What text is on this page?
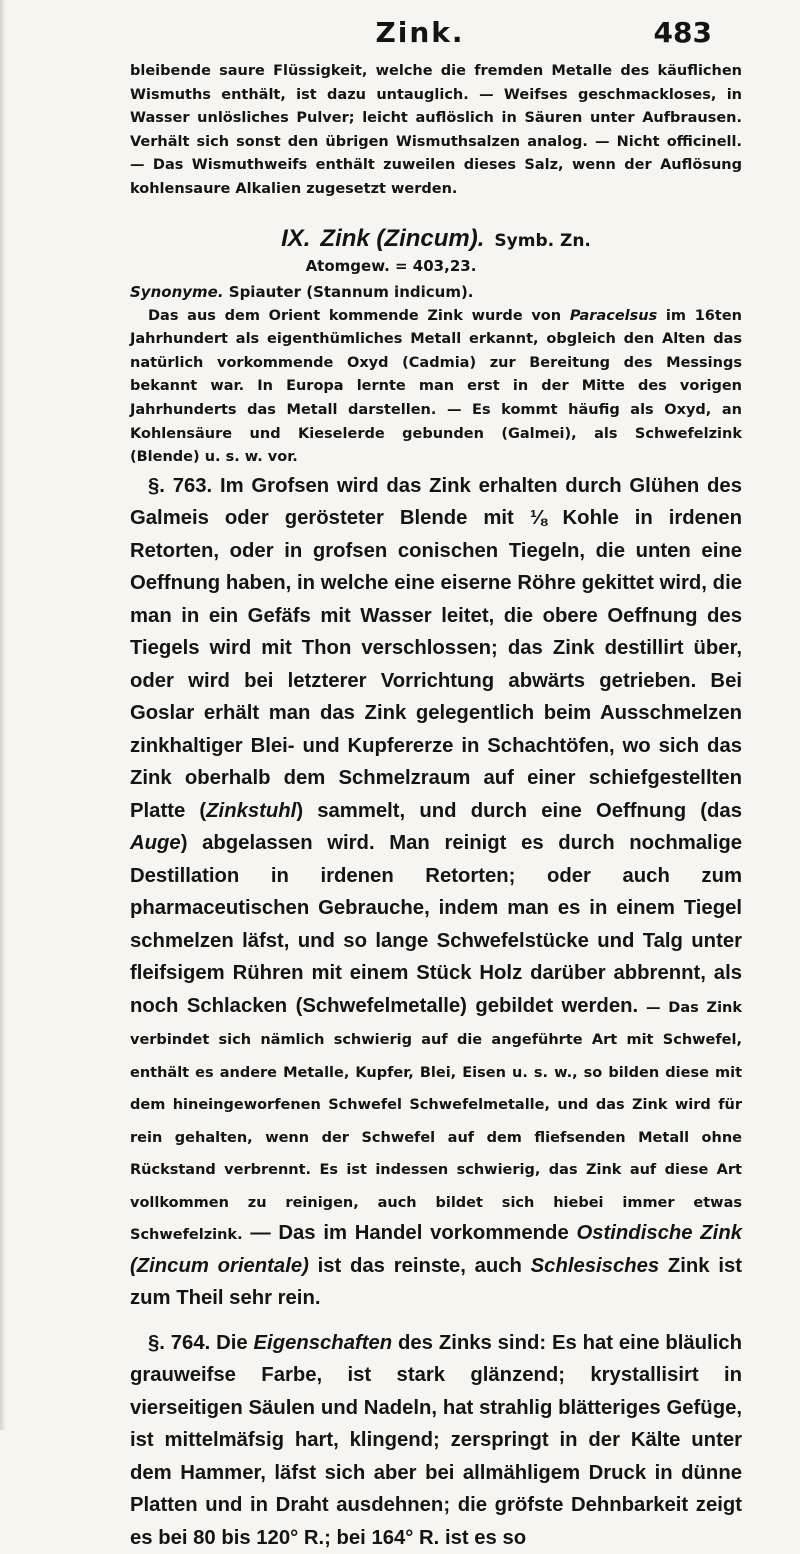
Zink.	483

bleibende saure Flüssigkeit, welche die fremden Metalle des käuflichen Wismuths enthält, ist dazu untauglich. — Weifses geschmackloses, in Wasser unlösliches Pulver; leicht auflöslich in Säuren unter Aufbrausen. Verhält sich sonst den übrigen Wismuthsalzen analog. — Nicht officinell. — Das Wismuthweifs enthält zuweilen dieses Salz, wenn der Auflösung kohlensaure Alkalien zugesetzt werden.

IX. Zink (Zincum). Symb. Zn.
Atomgew. = 403,23.
Synonyme. Spiauter (Stannum indicum).

Das aus dem Orient kommende Zink wurde von Paracelsus im 16ten Jahrhundert als eigenthümliches Metall erkannt, obgleich den Alten das natürlich vorkommende Oxyd (Cadmia) zur Bereitung des Messings bekannt war. In Europa lernte man erst in der Mitte des vorigen Jahrhunderts das Metall darstellen. — Es kommt häufig als Oxyd, an Kohlensäure und Kieselerde gebunden (Galmei), als Schwefelzink (Blende) u. s. w. vor.

§. 763. Im Grofsen wird das Zink erhalten durch Glühen des Galmeis oder gerösteter Blende mit ⅛ Kohle in irdenen Retorten, oder in grofsen conischen Tiegeln, die unten eine Oeffnung haben, in welche eine eiserne Röhre gekittet wird, die man in ein Gefäfs mit Wasser leitet, die obere Oeffnung des Tiegels wird mit Thon verschlossen; das Zink destillirt über, oder wird bei letzterer Vorrichtung abwärts getrieben. Bei Goslar erhält man das Zink gelegentlich beim Ausschmelzen zinkhaltiger Blei- und Kupfererze in Schachtöfen, wo sich das Zink oberhalb dem Schmelzraum auf einer schiefgestellten Platte (Zinkstuhl) sammelt, und durch eine Oeffnung (das Auge) abgelassen wird. Man reinigt es durch nochmalige Destillation in irdenen Retorten; oder auch zum pharmaceutischen Gebrauche, indem man es in einem Tiegel schmelzen läfst, und so lange Schwefelstücke und Talg unter fleifsigem Rühren mit einem Stück Holz darüber abbrennt, als noch Schlacken (Schwefelmetalle) gebildet werden. — Das Zink verbindet sich nämlich schwierig auf die angeführte Art mit Schwefel, enthält es andere Metalle, Kupfer, Blei, Eisen u. s. w., so bilden diese mit dem hineingeworfenen Schwefel Schwefelmetalle, und das Zink wird für rein gehalten, wenn der Schwefel auf dem fliefsenden Metall ohne Rückstand verbrennt. Es ist indessen schwierig, das Zink auf diese Art vollkommen zu reinigen, auch bildet sich hiebei immer etwas Schwefelzink. — Das im Handel vorkommende Ostindische Zink (Zincum orientale) ist das reinste, auch Schlesisches Zink ist zum Theil sehr rein.

§. 764. Die Eigenschaften des Zinks sind: Es hat eine bläulich grauweifse Farbe, ist stark glänzend; krystallisirt in vierseitigen Säulen und Nadeln, hat strahlig blätteriges Gefüge, ist mittelmäfsig hart, klingend; zerspringt in der Kälte unter dem Hammer, läfst sich aber bei allmähligem Druck in dünne Platten und in Draht ausdehnen; die gröfste Dehnbarkeit zeigt es bei 80 bis 120° R.; bei 164° R. ist es so
